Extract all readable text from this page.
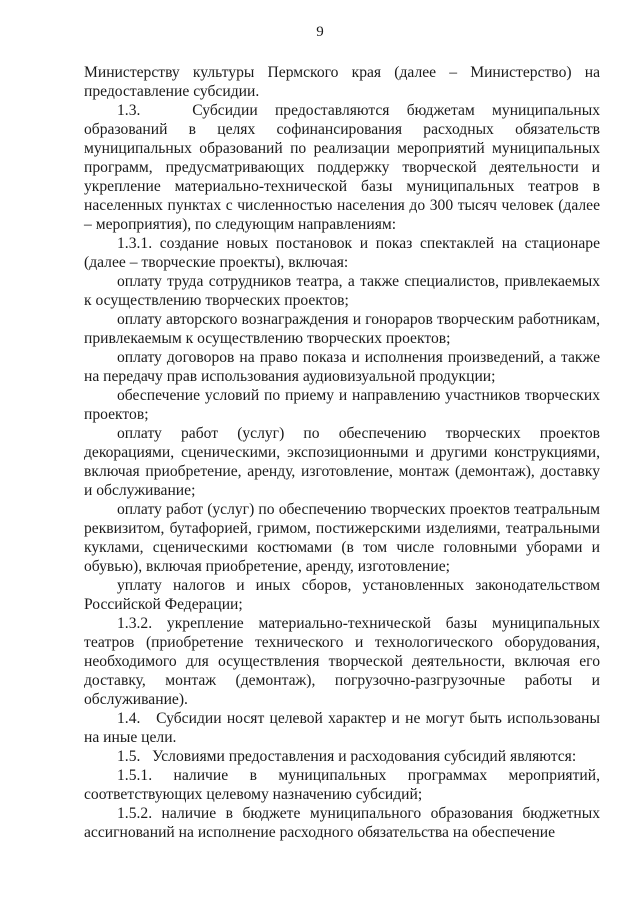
9

Министерству культуры Пермского края (далее – Министерство) на предоставление субсидии.

1.3.   Субсидии предоставляются бюджетам муниципальных образований в целях софинансирования расходных обязательств муниципальных образований по реализации мероприятий муниципальных программ, предусматривающих поддержку творческой деятельности и укрепление материально-технической базы муниципальных театров в населенных пунктах с численностью населения до 300 тысяч человек (далее – мероприятия), по следующим направлениям:

1.3.1. создание новых постановок и показ спектаклей на стационаре (далее – творческие проекты), включая:

оплату труда сотрудников театра, а также специалистов, привлекаемых к осуществлению творческих проектов;

оплату авторского вознаграждения и гонораров творческим работникам, привлекаемым к осуществлению творческих проектов;

оплату договоров на право показа и исполнения произведений, а также на передачу прав использования аудиовизуальной продукции;

обеспечение условий по приему и направлению участников творческих проектов;

оплату работ (услуг) по обеспечению творческих проектов декорациями, сценическими, экспозиционными и другими конструкциями, включая приобретение, аренду, изготовление, монтаж (демонтаж), доставку и обслуживание;

оплату работ (услуг) по обеспечению творческих проектов театральным реквизитом, бутафорией, гримом, постижерскими изделиями, театральными куклами, сценическими костюмами (в том числе головными уборами и обувью), включая приобретение, аренду, изготовление;

уплату налогов и иных сборов, установленных законодательством Российской Федерации;

1.3.2. укрепление материально-технической базы муниципальных театров (приобретение технического и технологического оборудования, необходимого для осуществления творческой деятельности, включая его доставку, монтаж (демонтаж), погрузочно-разгрузочные работы и обслуживание).

1.4.   Субсидии носят целевой характер и не могут быть использованы на иные цели.

1.5.   Условиями предоставления и расходования субсидий являются:

1.5.1. наличие в муниципальных программах мероприятий, соответствующих целевому назначению субсидий;

1.5.2. наличие в бюджете муниципального образования бюджетных ассигнований на исполнение расходного обязательства на обеспечение
